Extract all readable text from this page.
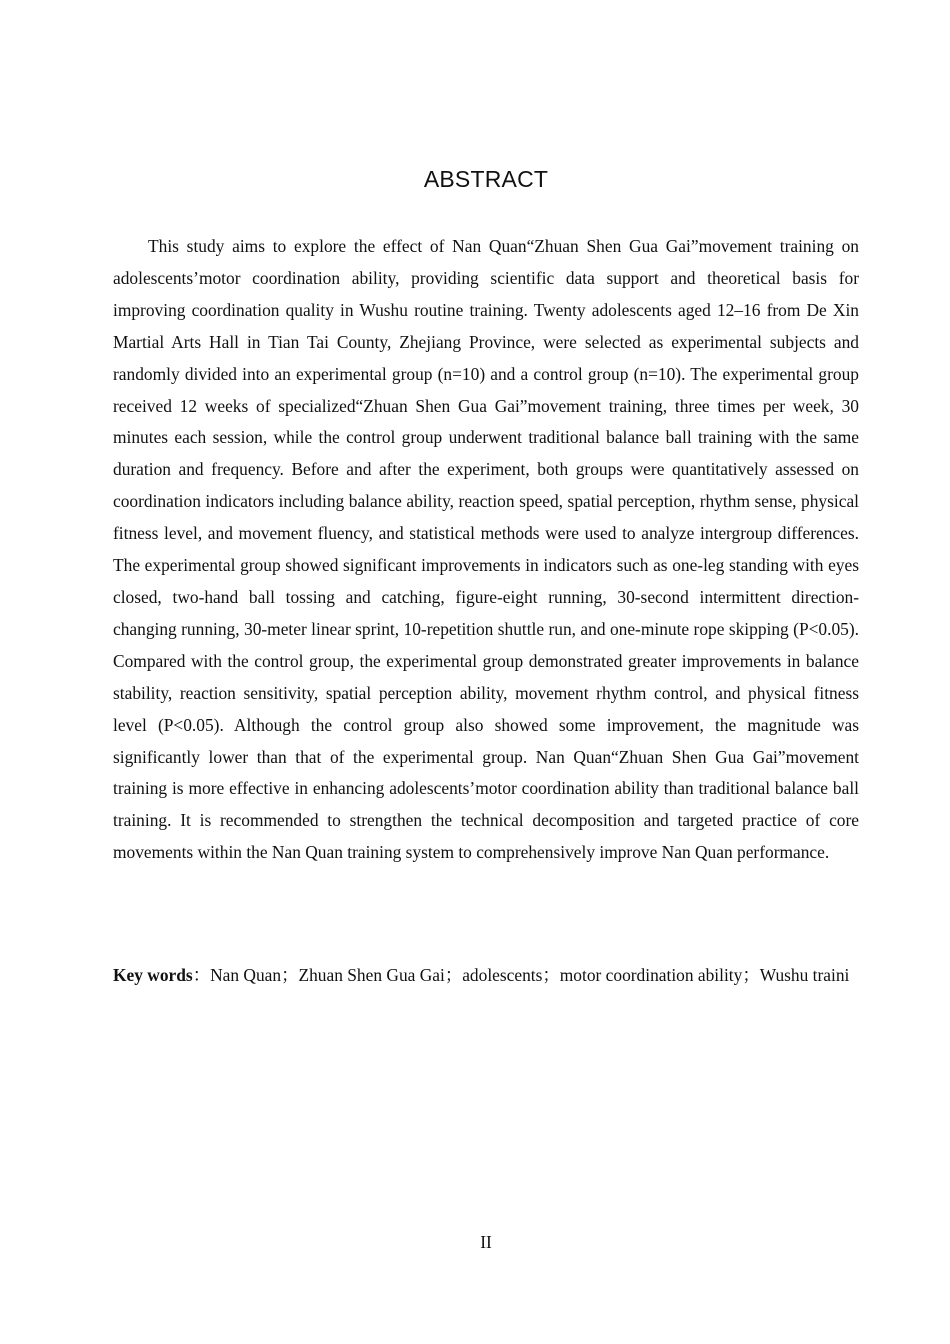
ABSTRACT

This study aims to explore the effect of Nan Quan“Zhuan Shen Gua Gai”movement training on adolescents’motor coordination ability, providing scientific data support and theoretical basis for improving coordination quality in Wushu routine training. Twenty adolescents aged 12–16 from De Xin Martial Arts Hall in Tian Tai County, Zhejiang Province, were selected as experimental subjects and randomly divided into an experimental group (n=10) and a control group (n=10). The experimental group received 12 weeks of specialized“Zhuan Shen Gua Gai”movement training, three times per week, 30 minutes each session, while the control group underwent traditional balance ball training with the same duration and frequency. Before and after the experiment, both groups were quantitatively assessed on coordination indicators including balance ability, reaction speed, spatial perception, rhythm sense, physical fitness level, and movement fluency, and statistical methods were used to analyze intergroup differences. The experimental group showed significant improvements in indicators such as one-leg standing with eyes closed, two-hand ball tossing and catching, figure-eight running, 30-second intermittent direction-changing running, 30-meter linear sprint, 10-repetition shuttle run, and one-minute rope skipping (P<0.05). Compared with the control group, the experimental group demonstrated greater improvements in balance stability, reaction sensitivity, spatial perception ability, movement rhythm control, and physical fitness level (P<0.05). Although the control group also showed some improvement, the magnitude was significantly lower than that of the experimental group. Nan Quan“Zhuan Shen Gua Gai”movement training is more effective in enhancing adolescents’motor coordination ability than traditional balance ball training. It is recommended to strengthen the technical decomposition and targeted practice of core movements within the Nan Quan training system to comprehensively improve Nan Quan performance.

Key words：Nan Quan；Zhuan Shen Gua Gai；adolescents；motor coordination ability；Wushu traini

II
